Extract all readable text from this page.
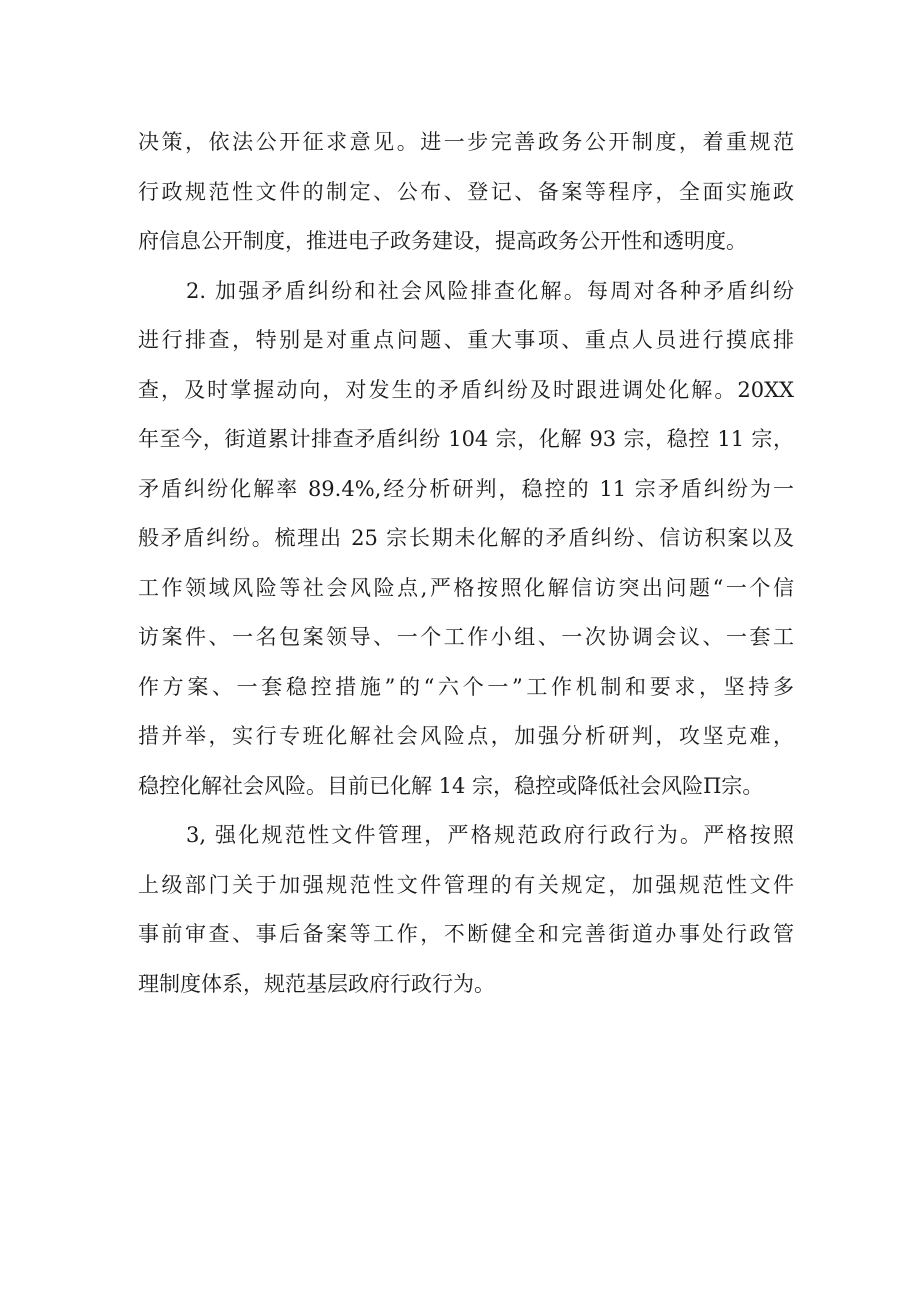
决策，依法公开征求意见。进一步完善政务公开制度，着重规范
行政规范性文件的制定、公布、登记、备案等程序，全面实施政
府信息公开制度，推进电子政务建设，提高政务公开性和透明度。
2. 加强矛盾纠纷和社会风险排查化解。每周对各种矛盾纠纷
进行排查，特别是对重点问题、重大事项、重点人员进行摸底排
查，及时掌握动向，对发生的矛盾纠纷及时跟进调处化解。20XX
年至今，街道累计排查矛盾纠纷 104 宗，化解 93 宗，稳控 11 宗，
矛盾纠纷化解率 89.4%,经分析研判，稳控的 11 宗矛盾纠纷为一
般矛盾纠纷。梳理出 25 宗长期未化解的矛盾纠纷、信访积案以及
工作领域风险等社会风险点,严格按照化解信访突出问题“一个信
访案件、一名包案领导、一个工作小组、一次协调会议、一套工
作方案、一套稳控措施”的“六个一”工作机制和要求，坚持多
措并举，实行专班化解社会风险点，加强分析研判，攻坚克难，
稳控化解社会风险。目前已化解 14 宗，稳控或降低社会风险Π宗。
3, 强化规范性文件管理，严格规范政府行政行为。严格按照
上级部门关于加强规范性文件管理的有关规定，加强规范性文件
事前审查、事后备案等工作，不断健全和完善街道办事处行政管
理制度体系，规范基层政府行政行为。
